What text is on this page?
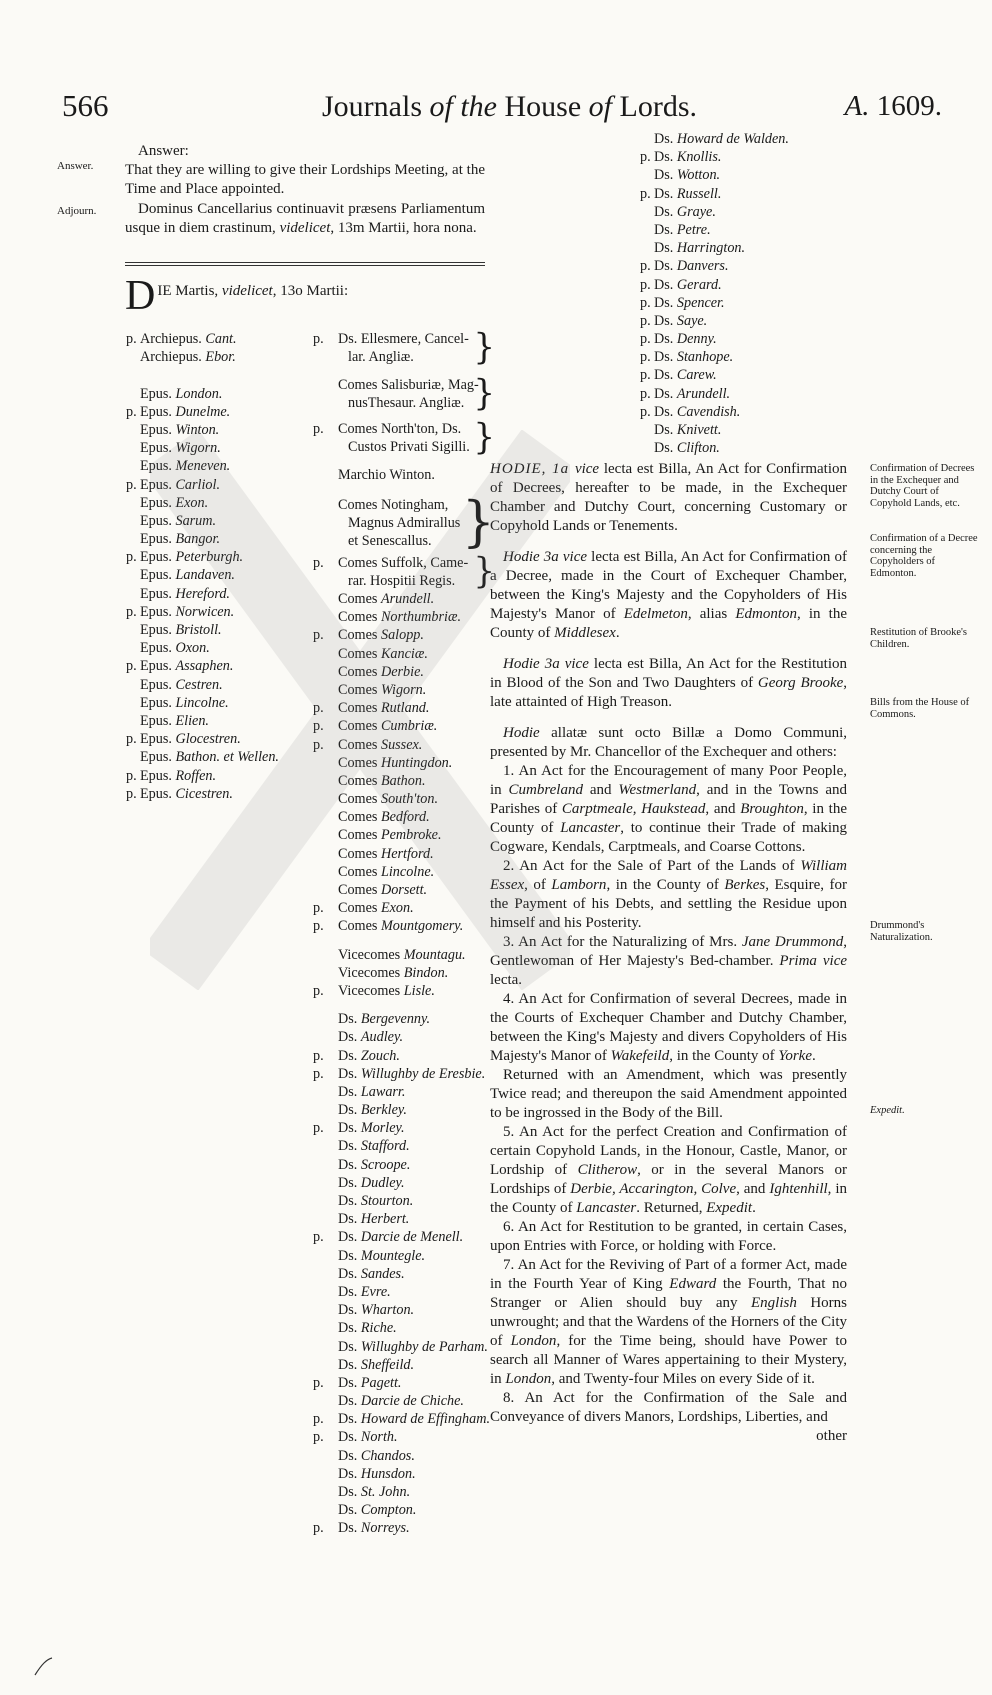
566	Journals of the House of Lords.	A. 1609.
Answer.
Adjourn.

Answer:

That they are willing to give their Lordships Meeting, at the Time and Place appointed.

Dominus Cancellarius continuavit præsens Parliamentum usque in diem crastinum, videlicet, 13m Martii, hora nona.

DIE Martis, videlicet, 13o Martii:
p. Archiepus. Cant.
Archiepus. Ebor.
Epus. London.
p. Epus. Dunelme.
Epus. Winton.
Epus. Wigorn.
Epus. Meneven.
p. Epus. Carliol.
Epus. Exon.
Epus. Sarum.
Epus. Bangor.
p. Epus. Peterburgh.
Epus. Landaven.
Epus. Hereford.
p. Epus. Norwicen.
Epus. Bristoll.
Epus. Oxon.
p. Epus. Assaphen.
Epus. Cestren.
Epus. Lincolne.
Epus. Elien.
p. Epus. Glocestren.
Epus. Bathon. et Wellen.
p. Epus. Roffen.
p. Epus. Cicestren.
p. Ds. Ellesmere, Cancel-
lar. Angliæ. }
Comes Salisburiæ, Mag-
nusThesaur. Angliæ. }
p. Comes North'ton, Ds.
Custos Privati Sigilli. }
Marchio Winton.
Comes Notingham,
Magnus Admirallus
et Senescallus. }
p. Comes Suffolk, Came-
rar. Hospitii Regis. }
Comes Arundell.
Comes Northumbriæ.
p. Comes Salopp.
Comes Kanciæ.
Comes Derbie.
Comes Wigorn.
p. Comes Rutland.
p. Comes Cumbriæ.
p. Comes Sussex.
Comes Huntingdon.
Comes Bathon.
Comes South'ton.
Comes Bedford.
Comes Pembroke.
Comes Hertford.
Comes Lincolne.
Comes Dorsett.
p. Comes Exon.
p. Comes Mountgomery.
Vicecomes Mountagu.
Vicecomes Bindon.
p. Vicecomes Lisle.
Ds. Bergevenny.
Ds. Audley.
p. Ds. Zouch.
p. Ds. Willughby de Eresbie.
Ds. Lawarr.
Ds. Berkley.
p. Ds. Morley.
Ds. Stafford.
Ds. Scroope.
Ds. Dudley.
Ds. Stourton.
Ds. Herbert.
p. Ds. Darcie de Menell.
Ds. Mountegle.
Ds. Sandes.
Ds. Evre.
Ds. Wharton.
Ds. Riche.
Ds. Willughby de Parham.
Ds. Sheffeild.
p. Ds. Pagett.
Ds. Darcie de Chiche.
p. Ds. Howard de Effingham.
p. Ds. North.
Ds. Chandos.
Ds. Hunsdon.
Ds. St. John.
Ds. Compton.
p. Ds. Norreys.
Ds. Howard de Walden.
p. Ds. Knollis.
Ds. Wotton.
p. Ds. Russell.
Ds. Graye.
Ds. Petre.
Ds. Harrington.
p. Ds. Danvers.
p. Ds. Gerard.
p. Ds. Spencer.
p. Ds. Saye.
p. Ds. Denny.
p. Ds. Stanhope.
p. Ds. Carew.
p. Ds. Arundell.
p. Ds. Cavendish.
Ds. Knivett.
Ds. Clifton.

HODIE, 1a vice lecta est Billa, An Act for Confirmation of Decrees, hereafter to be made, in the Exchequer Chamber and Dutchy Court, concerning Customary or Copyhold Lands or Tenements.

Hodie 3a vice lecta est Billa, An Act for Confirmation of a Decree, made in the Court of Exchequer Chamber, between the King's Majesty and the Copyholders of His Majesty's Manor of Edelmeton, alias Edmonton, in the County of Middlesex.

Hodie 3a vice lecta est Billa, An Act for the Restitution in Blood of the Son and Two Daughters of Georg Brooke, late attainted of High Treason.

Hodie allatæ sunt octo Billæ a Domo Communi, presented by Mr. Chancellor of the Exchequer and others:

1. An Act for the Encouragement of many Poor People, in Cumbreland and Westmerland, and in the Towns and Parishes of Carptmeale, Haukstead, and Broughton, in the County of Lancaster, to continue their Trade of making Cogware, Kendals, Carptmeals, and Coarse Cottons.

2. An Act for the Sale of Part of the Lands of William Essex, of Lamborn, in the County of Berkes, Esquire, for the Payment of his Debts, and settling the Residue upon himself and his Posterity.

3. An Act for the Naturalizing of Mrs. Jane Drummond, Gentlewoman of Her Majesty's Bed-chamber. Prima vice lecta.

4. An Act for Confirmation of several Decrees, made in the Courts of Exchequer Chamber and Dutchy Chamber, between the King's Majesty and divers Copyholders of His Majesty's Manor of Wakefeild, in the County of Yorke.

Returned with an Amendment, which was presently Twice read; and thereupon the said Amendment appointed to be ingrossed in the Body of the Bill.

5. An Act for the perfect Creation and Confirmation of certain Copyhold Lands, in the Honour, Castle, Manor, or Lordship of Clitherow, or in the several Manors or Lordships of Derbie, Accarington, Colve, and Ightenhill, in the County of Lancaster. Returned, Expedit.

6. An Act for Restitution to be granted, in certain Cases, upon Entries with Force, or holding with Force.

7. An Act for the Reviving of Part of a former Act, made in the Fourth Year of King Edward the Fourth, That no Stranger or Alien should buy any English Horns unwrought; and that the Wardens of the Horners of the City of London, for the Time being, should have Power to search all Manner of Wares appertaining to their Mystery, in London, and Twenty-four Miles on every Side of it.

8. An Act for the Confirmation of the Sale and Conveyance of divers Manors, Lordships, Liberties, and

other

Confirmation of Decrees in the Exchequer and Dutchy Court of Copyhold Lands, etc.
Confirmation of a Decree concerning the Copyholders of Edmonton.
Restitution of Brooke's Children.
Bills from the House of Commons.
Drummond's Naturalization.
Expedit.
